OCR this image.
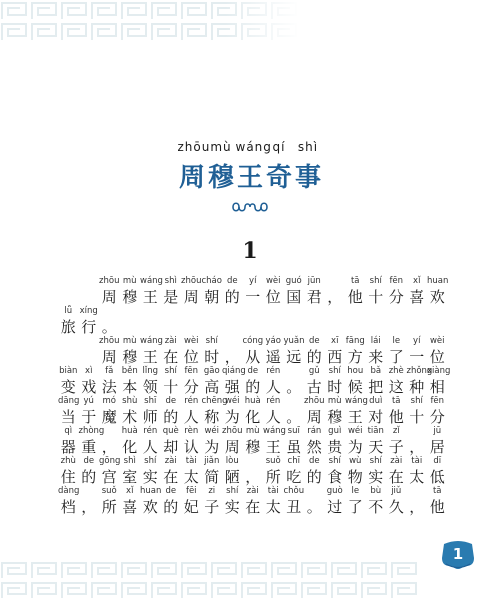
zhōumù wángqí shì
周 穆 王 奇 事
1
zhōu mù wáng shì zhōucháo de yí wèi guó jūn	tā shí fēn xǐ huan
周 穆 王 是 周 朝 的 一 位 国 君 ， 他 十 分 喜 欢
lǚ xíng
旅 行 。
zhōu mù wáng zài wèi shí	cóng yáo yuǎn de xī fāng lái le yí wèi
周 穆 王 在 位 时 ， 从 遥 远 的 西 方 来 了 一 位
biàn xì fǎ běn lǐng shí fēn gāo qiáng de rén	gǔ shí hou bǎ zhè zhǒngxiàng
变 戏 法 本 领 十 分 高 强 的 人 。 古 时 候 把 这 种 相
dāng yú mó shù shī de rén chēngwéi huà rén	zhōu mù wángduì tā shí fēn
当 于 魔 术 师 的 人 称 为 化 人 。 周 穆 王 对 他 十 分
qì zhòng huà rén què rèn wéi zhōu mù wáng suī rán guì wéi tiān zǐ	jū
器 重 ， 化 人 却 认 为 周 穆 王 虽 然 贵 为 天 子 ， 居
zhù de gōng shì shí zài tài jiǎn lòu	suǒ chī de shí wù shí zài tài dī
住 的 宫 室 实 在 太 简 陋 ， 所 吃 的 食 物 实 在 太 低
dàng	suǒ xǐ huan de fēi zi shí zài tài chǒu	guò le bù jiǔ	tā
档 ， 所 喜 欢 的 妃 子 实 在 太 丑 。 过 了 不 久 ， 他
1
